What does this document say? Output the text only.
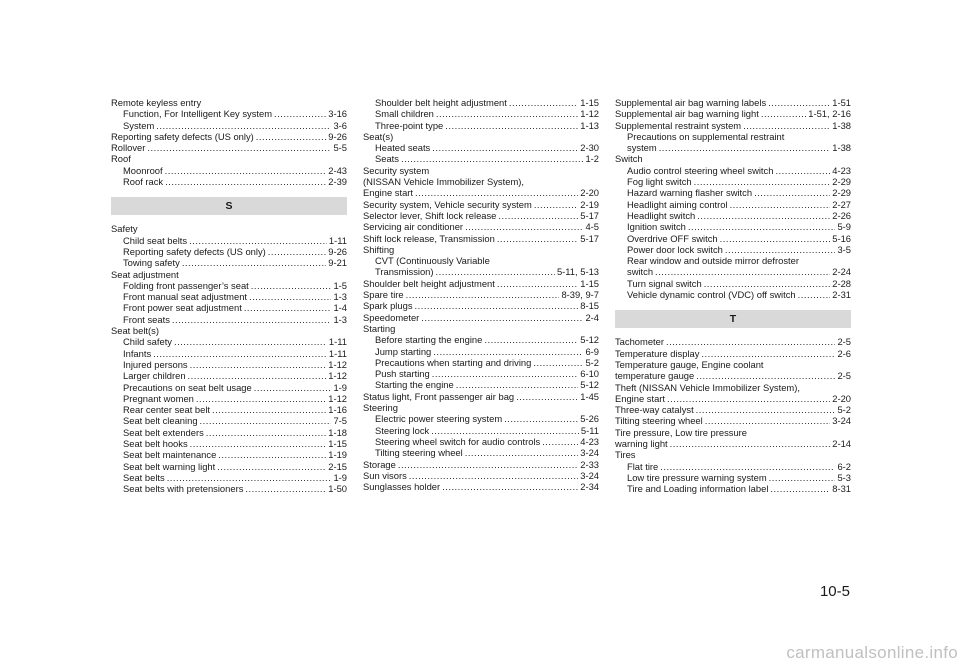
Remote keyless entry
Function, For Intelligent Key system .....	3-16
System .....	3-6
Reporting safety defects (US only) .....	9-26
Rollover .....	5-5
Roof
Moonroof .....	2-43
Roof rack .....	2-39
S
Safety
Child seat belts .....	1-11
Reporting safety defects (US only) .....	9-26
Towing safety .....	9-21
Seat adjustment
Folding front passenger’s seat .....	1-5
Front manual seat adjustment .....	1-3
Front power seat adjustment .....	1-4
Front seats .....	1-3
Seat belt(s)
Child safety .....	1-11
Infants .....	1-11
Injured persons .....	1-12
Larger children .....	1-12
Precautions on seat belt usage .....	1-9
Pregnant women .....	1-12
Rear center seat belt .....	1-16
Seat belt cleaning .....	7-5
Seat belt extenders .....	1-18
Seat belt hooks .....	1-15
Seat belt maintenance .....	1-19
Seat belt warning light .....	2-15
Seat belts .....	1-9
Seat belts with pretensioners .....	1-50
Shoulder belt height adjustment .....	1-15
Small children .....	1-12
Three-point type .....	1-13
Seat(s)
Heated seats .....	2-30
Seats .....	1-2
Security system
(NISSAN Vehicle Immobilizer System),
Engine start .....	2-20
Security system, Vehicle security system .....	2-19
Selector lever, Shift lock release .....	5-17
Servicing air conditioner .....	4-5
Shift lock release, Transmission .....	5-17
Shifting
CVT (Continuously Variable
Transmission) .....	5-11, 5-13
Shoulder belt height adjustment .....	1-15
Spare tire .....	8-39, 9-7
Spark plugs .....	8-15
Speedometer .....	2-4
Starting
Before starting the engine .....	5-12
Jump starting .....	6-9
Precautions when starting and driving .....	5-2
Push starting .....	6-10
Starting the engine .....	5-12
Status light, Front passenger air bag .....	1-45
Steering
Electric power steering system .....	5-26
Steering lock .....	5-11
Steering wheel switch for audio controls .....	4-23
Tilting steering wheel .....	3-24
Storage .....	2-33
Sun visors .....	3-24
Sunglasses holder .....	2-34
Supplemental air bag warning labels .....	1-51
Supplemental air bag warning light .....	1-51, 2-16
Supplemental restraint system .....	1-38
Precautions on supplemental restraint
system .....	1-38
Switch
Audio control steering wheel switch .....	4-23
Fog light switch .....	2-29
Hazard warning flasher switch .....	2-29
Headlight aiming control .....	2-27
Headlight switch .....	2-26
Ignition switch .....	5-9
Overdrive OFF switch .....	5-16
Power door lock switch .....	3-5
Rear window and outside mirror defroster
switch .....	2-24
Turn signal switch .....	2-28
Vehicle dynamic control (VDC) off switch .....	2-31
T
Tachometer .....	2-5
Temperature display .....	2-6
Temperature gauge, Engine coolant
temperature gauge .....	2-5
Theft (NISSAN Vehicle Immobilizer System),
Engine start .....	2-20
Three-way catalyst .....	5-2
Tilting steering wheel .....	3-24
Tire pressure, Low tire pressure
warning light .....	2-14
Tires
Flat tire .....	6-2
Low tire pressure warning system .....	5-3
Tire and Loading information label .....	8-31
10-5
carmanualsonline.info
